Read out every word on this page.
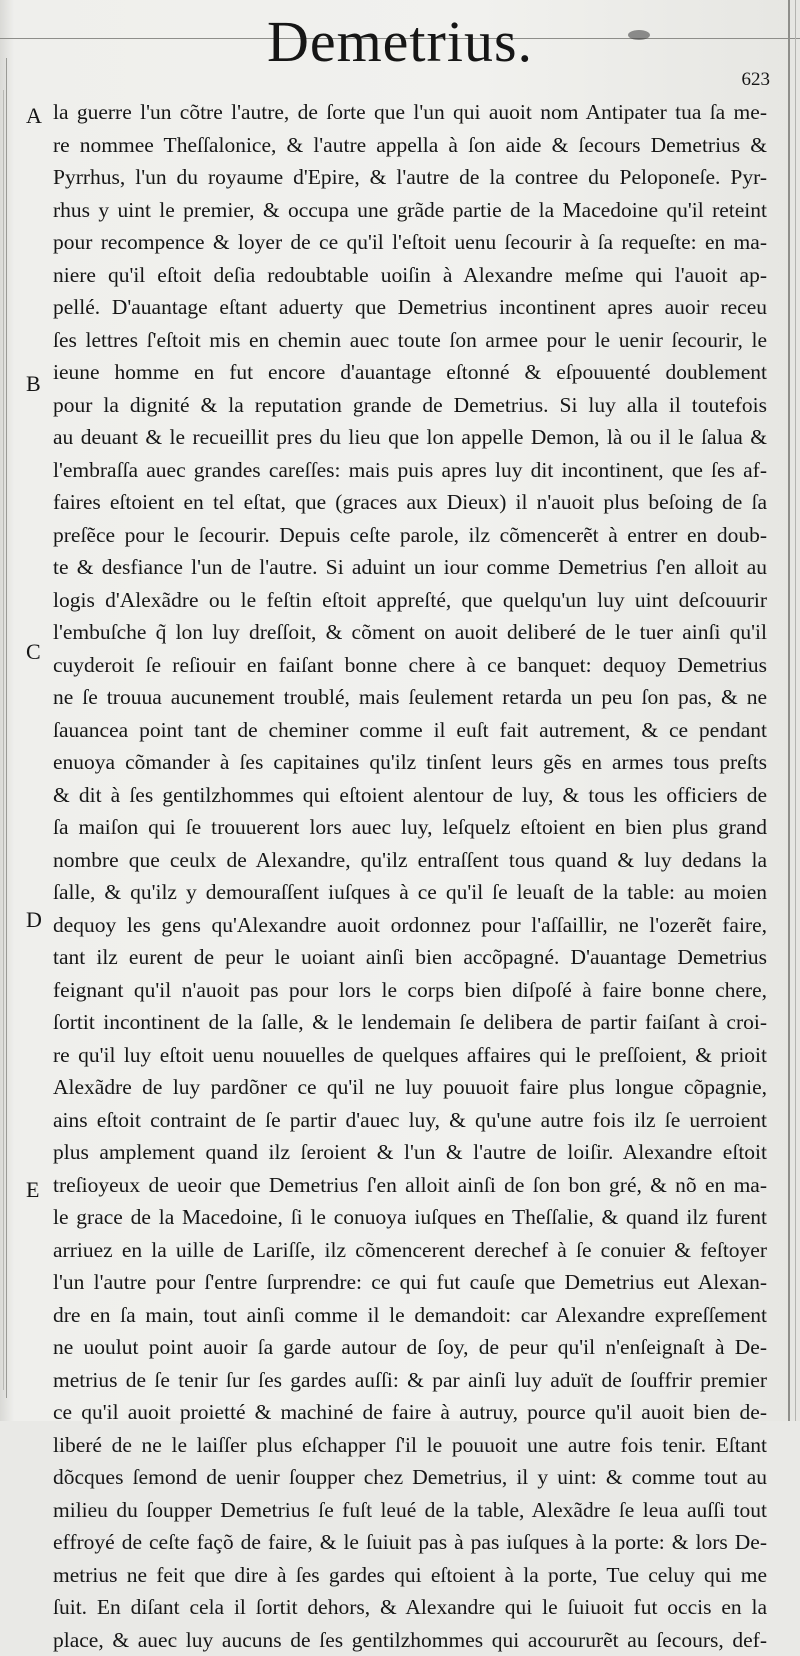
Demetrius.
623
A
B
C
D
E
la guerre l'un cõtre l'autre, de ſorte que l'un qui auoit nom Antipater tua ſa me-
re nommee Theſſalonice, & l'autre appella à ſon aide & ſecours Demetrius &
Pyrrhus, l'un du royaume d'Epire, & l'autre de la contree du Peloponeſe. Pyr-
rhus y uint le premier, & occupa une grãde partie de la Macedoine qu'il reteint
pour recompence & loyer de ce qu'il l'eſtoit uenu ſecourir à ſa requeſte: en ma-
niere qu'il eſtoit deſia redoubtable uoiſin à Alexandre meſme qui l'auoit ap-
pellé. D'auantage eſtant aduerty que Demetrius incontinent apres auoir receu
ſes lettres ſ'eſtoit mis en chemin auec toute ſon armee pour le uenir ſecourir, le
ieune homme en fut encore d'auantage eſtonné & eſpouuenté doublement
pour la dignité & la reputation grande de Demetrius. Si luy alla il toutefois
au deuant & le recueillit pres du lieu que lon appelle Demon, là ou il le ſalua &
l'embraſſa auec grandes careſſes: mais puis apres luy dit incontinent, que ſes af-
faires eſtoient en tel eſtat, que (graces aux Dieux) il n'auoit plus beſoing de ſa
preſẽce pour le ſecourir. Depuis ceſte parole, ilz cõmencerẽt à entrer en doub-
te & desfiance l'un de l'autre. Si aduint un iour comme Demetrius ſ'en alloit au
logis d'Alexãdre ou le feſtin eſtoit appreſté, que quelqu'un luy uint deſcouurir
l'embuſche q̃ lon luy dreſſoit, & cõment on auoit deliberé de le tuer ainſi qu'il
cuyderoit ſe reſiouir en faiſant bonne chere à ce banquet: dequoy Demetrius
ne ſe trouua aucunement troublé, mais ſeulement retarda un peu ſon pas, & ne
ſauancea point tant de cheminer comme il euſt fait autrement, & ce pendant
enuoya cõmander à ſes capitaines qu'ilz tinſent leurs gẽs en armes tous preſts
& dit à ſes gentilzhommes qui eſtoient alentour de luy, & tous les officiers de
ſa maiſon qui ſe trouuerent lors auec luy, leſquelz eſtoient en bien plus grand
nombre que ceulx de Alexandre, qu'ilz entraſſent tous quand & luy dedans la
ſalle, & qu'ilz y demouraſſent iuſques à ce qu'il ſe leuaſt de la table: au moien
dequoy les gens qu'Alexandre auoit ordonnez pour l'aſſaillir, ne l'ozerẽt faire,
tant ilz eurent de peur le uoiant ainſi bien accõpagné. D'auantage Demetrius
feignant qu'il n'auoit pas pour lors le corps bien diſpoſé à faire bonne chere,
ſortit incontinent de la ſalle, & le lendemain ſe delibera de partir faiſant à croi-
re qu'il luy eſtoit uenu nouuelles de quelques affaires qui le preſſoient, & prioit
Alexãdre de luy pardõner ce qu'il ne luy pouuoit faire plus longue cõpagnie,
ains eſtoit contraint de ſe partir d'auec luy, & qu'une autre fois ilz ſe uerroient
plus amplement quand ilz ſeroient & l'un & l'autre de loiſir. Alexandre eſtoit
treſioyeux de ueoir que Demetrius ſ'en alloit ainſi de ſon bon gré, & nõ en ma-
le grace de la Macedoine, ſi le conuoya iuſques en Theſſalie, & quand ilz furent
arriuez en la uille de Lariſſe, ilz cõmencerent derechef à ſe conuier & feſtoyer
l'un l'autre pour ſ'entre ſurprendre: ce qui fut cauſe que Demetrius eut Alexan-
dre en ſa main, tout ainſi comme il le demandoit: car Alexandre expreſſement
ne uoulut point auoir ſa garde autour de ſoy, de peur qu'il n'enſeignaſt à De-
metrius de ſe tenir ſur ſes gardes auſſi: & par ainſi luy aduït de ſouffrir premier
ce qu'il auoit proietté & machiné de faire à autruy, pource qu'il auoit bien de-
liberé de ne le laiſſer plus eſchapper ſ'il le pouuoit une autre fois tenir. Eſtant
dõcques ſemond de uenir ſoupper chez Demetrius, il y uint: & comme tout au
milieu du ſoupper Demetrius ſe fuſt leué de la table, Alexãdre ſe leua auſſi tout
effroyé de ceſte façõ de faire, & le ſuiuit pas à pas iuſques à la porte: & lors De-
metrius ne feit que dire à ſes gardes qui eſtoient à la porte, Tue celuy qui me
ſuit. En diſant cela il ſortit dehors, & Alexandre qui le ſuiuoit fut occis en la
place, & auec luy aucuns de ſes gentilzhommes qui accoururẽt au ſecours, def-
